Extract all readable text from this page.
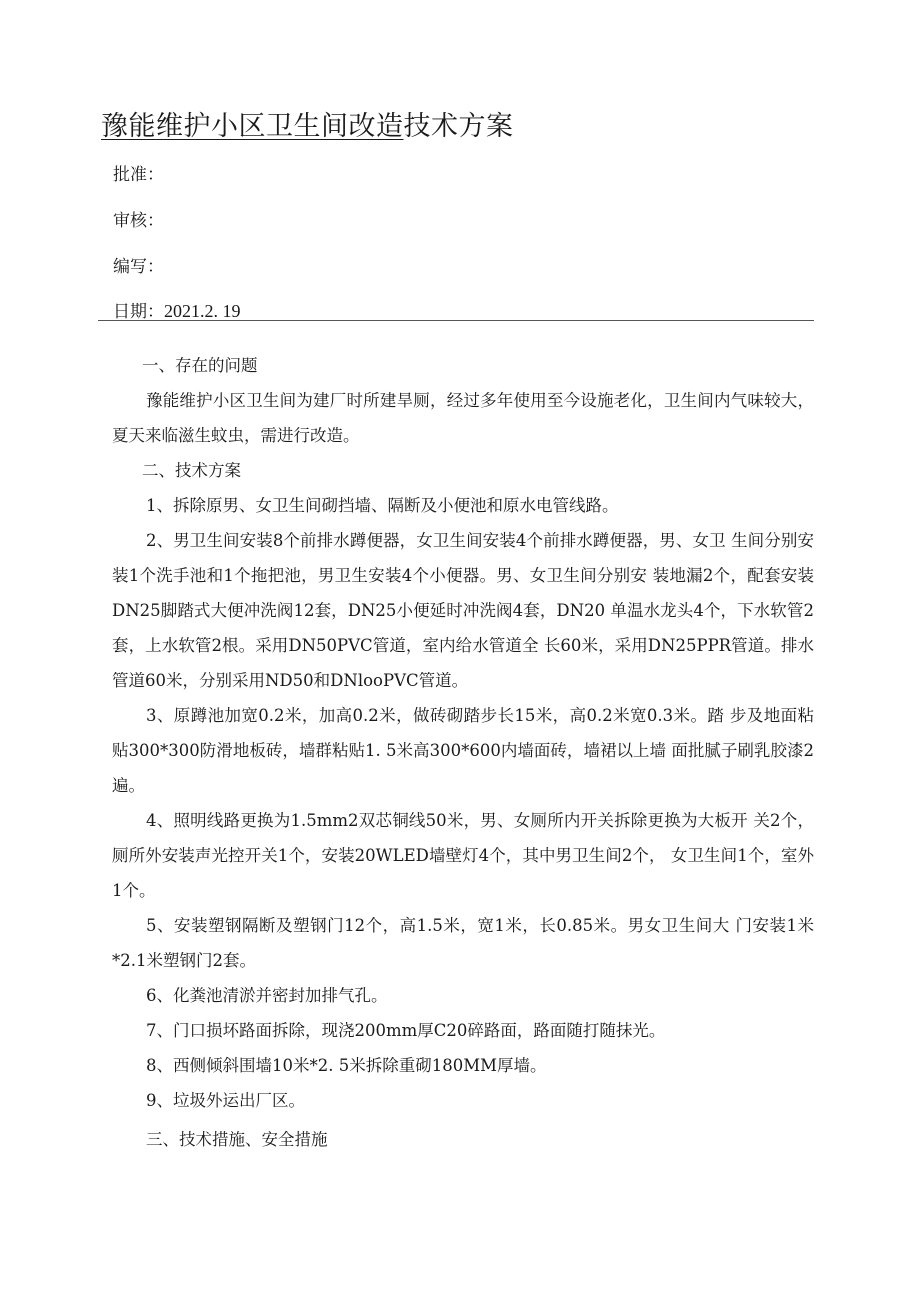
豫能维护小区卫生间改造技术方案
批准：
审核：
编写：
日期：2021.2. 19

一、存在的问题

豫能维护小区卫生间为建厂时所建旱厕，经过多年使用至今设施老化，卫生间内气味较大，夏天来临滋生蚊虫，需进行改造。

二、技术方案

1、拆除原男、女卫生间砌挡墙、隔断及小便池和原水电管线路。

2、男卫生间安装8个前排水蹲便器，女卫生间安装4个前排水蹲便器，男、女卫 生间分别安装1个洗手池和1个拖把池，男卫生安装4个小便器。男、女卫生间分别安 装地漏2个，配套安装DN25脚踏式大便冲洗阀12套，DN25小便延时冲洗阀4套，DN20 单温水龙头4个，下水软管2套，上水软管2根。采用DN50PVC管道，室内给水管道全 长60米，采用DN25PPR管道。排水管道60米，分别采用ND50和DNlooPVC管道。

3、原蹲池加宽0.2米，加高0.2米，做砖砌踏步长15米，高0.2米宽0.3米。踏 步及地面粘贴300*300防滑地板砖，墙群粘贴1. 5米高300*600内墙面砖，墙裙以上墙 面批腻子刷乳胶漆2遍。

4、照明线路更换为1.5mm2双芯铜线50米，男、女厕所内开关拆除更换为大板开 关2个，厕所外安装声光控开关1个，安装20WLED墙壁灯4个，其中男卫生间2个， 女卫生间1个，室外1个。

5、安装塑钢隔断及塑钢门12个，高1.5米，宽1米，长0.85米。男女卫生间大 门安装1米*2.1米塑钢门2套。

6、化粪池清淤并密封加排气孔。

7、门口损坏路面拆除，现浇200mm厚C20碎路面，路面随打随抹光。

8、西侧倾斜围墙10米*2. 5米拆除重砌180MM厚墙。

9、垃圾外运出厂区。

三、技术措施、安全措施
